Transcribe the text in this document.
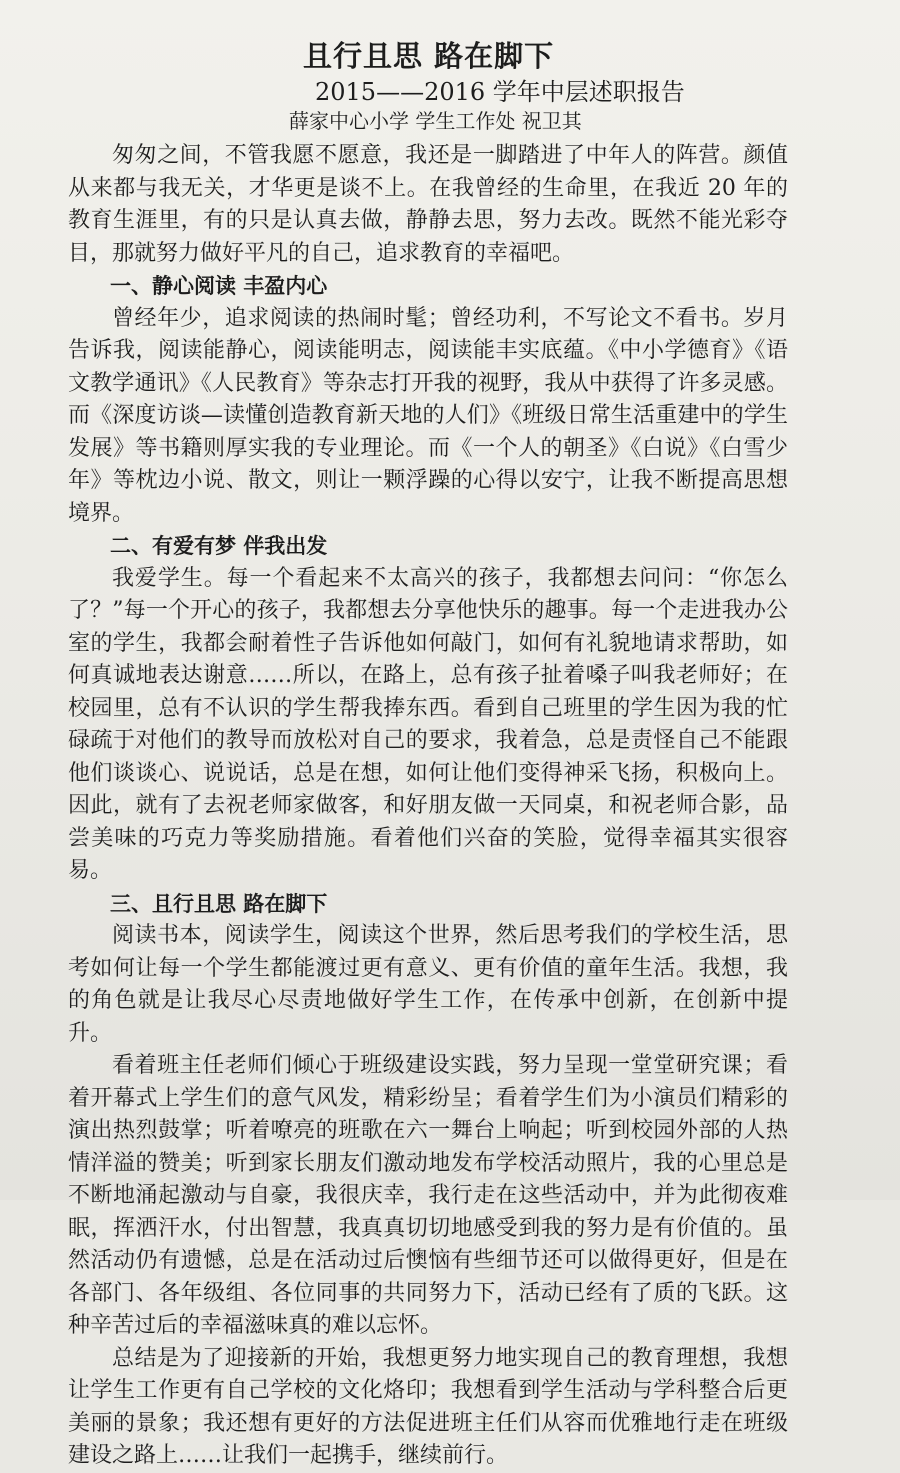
且行且思 路在脚下
2015——2016 学年中层述职报告
薛家中心小学 学生工作处 祝卫其

匆匆之间，不管我愿不愿意，我还是一脚踏进了中年人的阵营。颜值从来都与我无关，才华更是谈不上。在我曾经的生命里，在我近 20 年的教育生涯里，有的只是认真去做，静静去思，努力去改。既然不能光彩夺目，那就努力做好平凡的自己，追求教育的幸福吧。

一、静心阅读 丰盈内心

曾经年少，追求阅读的热闹时髦；曾经功利，不写论文不看书。岁月告诉我，阅读能静心，阅读能明志，阅读能丰实底蕴。《中小学德育》《语文教学通讯》《人民教育》等杂志打开我的视野，我从中获得了许多灵感。而《深度访谈—读懂创造教育新天地的人们》《班级日常生活重建中的学生发展》等书籍则厚实我的专业理论。而《一个人的朝圣》《白说》《白雪少年》等枕边小说、散文，则让一颗浮躁的心得以安宁，让我不断提高思想境界。

二、有爱有梦 伴我出发

我爱学生。每一个看起来不太高兴的孩子，我都想去问问：“你怎么了？”每一个开心的孩子，我都想去分享他快乐的趣事。每一个走进我办公室的学生，我都会耐着性子告诉他如何敲门，如何有礼貌地请求帮助，如何真诚地表达谢意……所以，在路上，总有孩子扯着嗓子叫我老师好；在校园里，总有不认识的学生帮我捧东西。看到自己班里的学生因为我的忙碌疏于对他们的教导而放松对自己的要求，我着急，总是责怪自己不能跟他们谈谈心、说说话，总是在想，如何让他们变得神采飞扬，积极向上。因此，就有了去祝老师家做客，和好朋友做一天同桌，和祝老师合影，品尝美味的巧克力等奖励措施。看着他们兴奋的笑脸，觉得幸福其实很容易。

三、且行且思 路在脚下

阅读书本，阅读学生，阅读这个世界，然后思考我们的学校生活，思考如何让每一个学生都能渡过更有意义、更有价值的童年生活。我想，我的角色就是让我尽心尽责地做好学生工作，在传承中创新，在创新中提升。

看着班主任老师们倾心于班级建设实践，努力呈现一堂堂研究课；看着开幕式上学生们的意气风发，精彩纷呈；看着学生们为小演员们精彩的演出热烈鼓掌；听着嘹亮的班歌在六一舞台上响起；听到校园外部的人热情洋溢的赞美；听到家长朋友们激动地发布学校活动照片，我的心里总是不断地涌起激动与自豪，我很庆幸，我行走在这些活动中，并为此彻夜难眠，挥洒汗水，付出智慧，我真真切切地感受到我的努力是有价值的。虽然活动仍有遗憾，总是在活动过后懊恼有些细节还可以做得更好，但是在各部门、各年级组、各位同事的共同努力下，活动已经有了质的飞跃。这种辛苦过后的幸福滋味真的难以忘怀。

总结是为了迎接新的开始，我想更努力地实现自己的教育理想，我想让学生工作更有自己学校的文化烙印；我想看到学生活动与学科整合后更美丽的景象；我还想有更好的方法促进班主任们从容而优雅地行走在班级建设之路上……让我们一起携手，继续前行。
